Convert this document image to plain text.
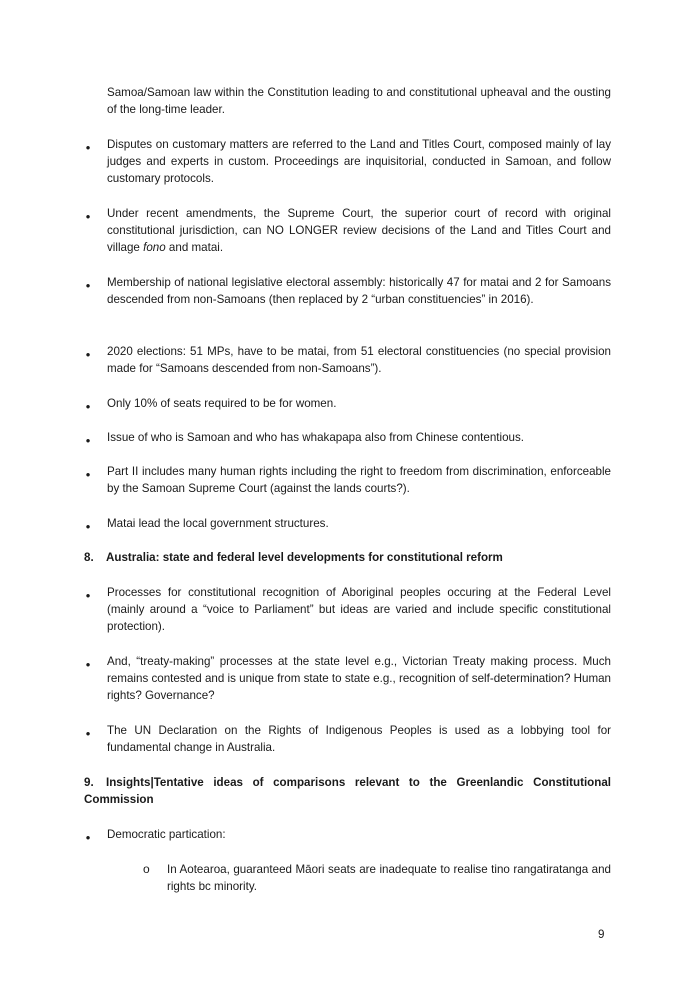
Samoa/Samoan law within the Constitution leading to and constitutional upheaval and the ousting of the long-time leader.
• Disputes on customary matters are referred to the Land and Titles Court, composed mainly of lay judges and experts in custom. Proceedings are inquisitorial, conducted in Samoan, and follow customary protocols.
• Under recent amendments, the Supreme Court, the superior court of record with original constitutional jurisdiction, can NO LONGER review decisions of the Land and Titles Court and village fono and matai.
• Membership of national legislative electoral assembly: historically 47 for matai and 2 for Samoans descended from non-Samoans (then replaced by 2 “urban constituencies” in 2016).
• 2020 elections: 51 MPs, have to be matai, from 51 electoral constituencies (no special provision made for “Samoans descended from non-Samoans”).
• Only 10% of seats required to be for women.
• Issue of who is Samoan and who has whakapapa also from Chinese contentious.
• Part II includes many human rights including the right to freedom from discrimination, enforceable by the Samoan Supreme Court (against the lands courts?).
• Matai lead the local government structures.
8. Australia: state and federal level developments for constitutional reform
• Processes for constitutional recognition of Aboriginal peoples occuring at the Federal Level (mainly around a “voice to Parliament” but ideas are varied and include specific constitutional protection).
• And, “treaty-making” processes at the state level e.g., Victorian Treaty making process. Much remains contested and is unique from state to state e.g., recognition of self-determination? Human rights? Governance?
• The UN Declaration on the Rights of Indigenous Peoples is used as a lobbying tool for fundamental change in Australia.
9. Insights|Tentative ideas of comparisons relevant to the Greenlandic Constitutional Commission
• Democratic partication:
o In Aotearoa, guaranteed Māori seats are inadequate to realise tino rangatiratanga and rights bc minority.
9
